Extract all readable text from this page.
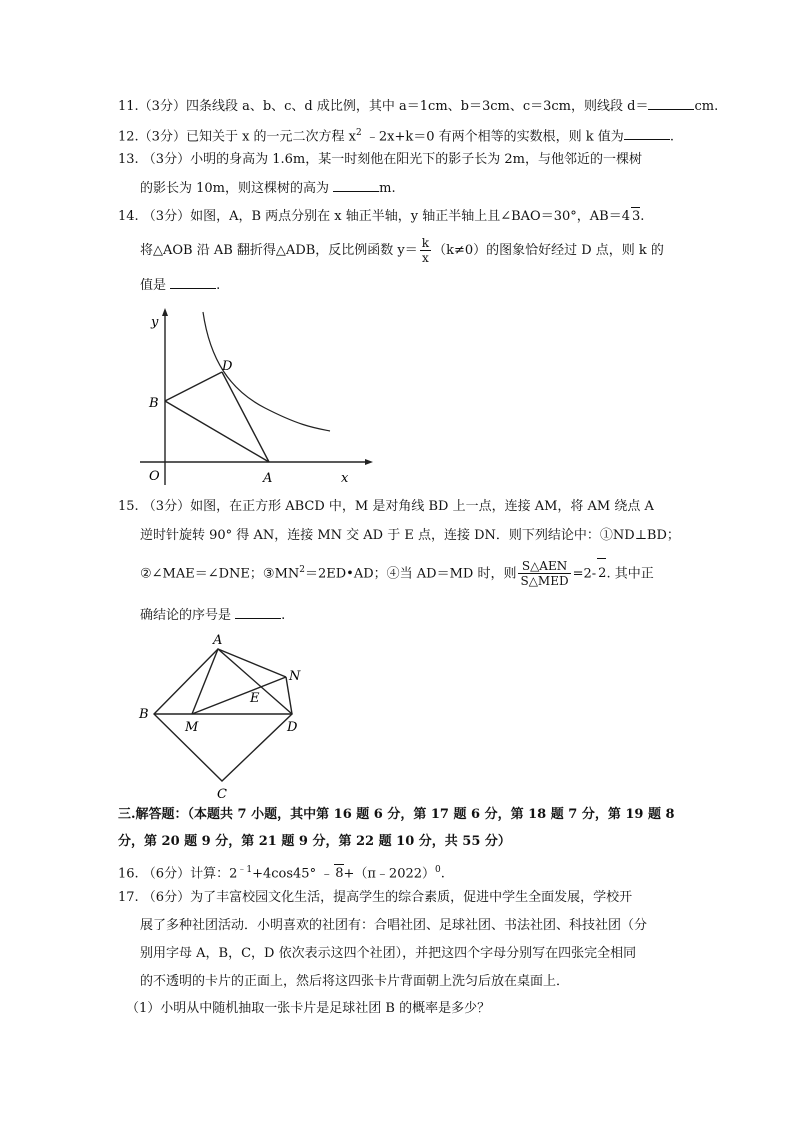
11.（3分）四条线段 a、b、c、d 成比例，其中 a＝1cm、b＝3cm、c＝3cm，则线段 d＝	cm.
12.（3分）已知关于 x 的一元二次方程 $x^2$ ﹣2x+k＝0 有两个相等的实数根，则 k 值为	.
13. （3分）小明的身高为 1.6m，某一时刻他在阳光下的影子长为 2m，与他邻近的一棵树
的影长为 10m，则这棵树的高为	m.
14. （3分）如图，A，B 两点分别在 x 轴正半轴，y 轴正半轴上且∠BAO＝30°，AB＝4 3.
将△AOB 沿 AB 翻折得△ADB，反比例函数 $y= \frac{k}{x} (k\ne 0)$的图象恰好经过 D 点，则 k 的
值是	.
y
x
O	A
B
D
15. （3分）如图，在正方形 ABCD 中，M 是对角线 BD 上一点，连接 AM，将 AM 绕点 A
逆时针旋转 90° 得 AN，连接 MN 交 AD 于 E 点，连接 DN．则下列结论中：①ND⊥BD；
②∠MAE＝∠DNE；$③MN^2=2ED•AD$；④当 AD＝MD 时，则 $\frac{\text{S△AEN}}{\text{S△MED}} =2-$ 2. 其中正
确结论的序号是	.
A
B
C
D
M
N
E
三.解答题：（本题共 7 小题，其中第 16 题 6 分，第 17 题 6 分，第 18 题 7 分，第 19 题 8
分，第 20 题 9 分，第 21 题 9 分，第 22 题 10 分，共 55 分）
16. （6分）计算：$2^{﹣1}+4\cos 45^\circ$ ﹣ 8+（π﹣2022）$^0$.
17. （6分）为了丰富校园文化生活，提高学生的综合素质，促进中学生全面发展，学校开
展了多种社团活动．小明喜欢的社团有：合唱社团、足球社团、书法社团、科技社团（分
别用字母 A，B，C，D 依次表示这四个社团），并把这四个字母分别写在四张完全相同
的不透明的卡片的正面上，然后将这四张卡片背面朝上洗匀后放在桌面上．
（1）小明从中随机抽取一张卡片是足球社团 B 的概率是多少？
